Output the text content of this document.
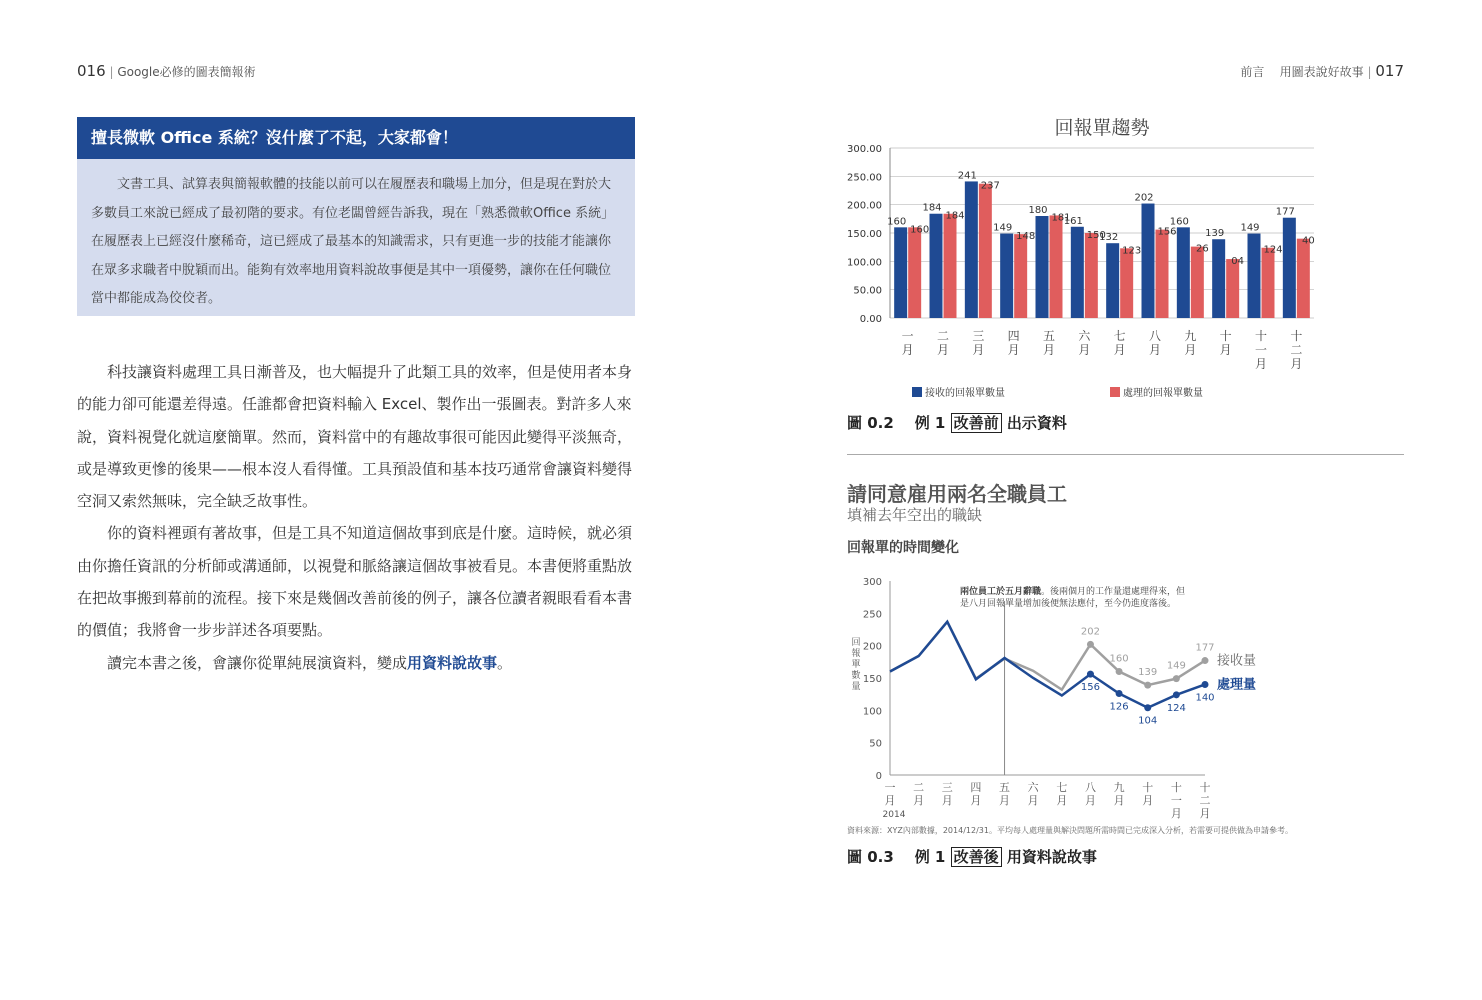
016 | Google必修的圖表簡報術	前言 用圖表說好故事 | 017
擅長微軟 Office 系統？沒什麼了不起，大家都會！

文書工具、試算表與簡報軟體的技能以前可以在履歷表和職場上加分，但是現在對於大多數員工來說已經成了最初階的要求。有位老闆曾經告訴我，現在「熟悉微軟Office 系統」在履歷表上已經沒什麼稀奇，這已經成了最基本的知識需求，只有更進一步的技能才能讓你在眾多求職者中脫穎而出。能夠有效率地用資料說故事便是其中一項優勢，讓你在任何職位當中都能成為佼佼者。

科技讓資料處理工具日漸普及，也大幅提升了此類工具的效率，但是使用者本身的能力卻可能還差得遠。任誰都會把資料輸入 Excel、製作出一張圖表。對許多人來說，資料視覺化就這麼簡單。然而，資料當中的有趣故事很可能因此變得平淡無奇，或是導致更慘的後果——根本沒人看得懂。工具預設值和基本技巧通常會讓資料變得空洞又索然無味，完全缺乏故事性。

你的資料裡頭有著故事，但是工具不知道這個故事到底是什麼。這時候，就必須由你擔任資訊的分析師或溝通師，以視覺和脈絡讓這個故事被看見。本書便將重點放在把故事搬到幕前的流程。接下來是幾個改善前後的例子，讓各位讀者親眼看看本書的價值；我將會一步步詳述各項要點。

讀完本書之後，會讓你從單純展演資料，變成用資料說故事。

回報單趨勢
0.00
50.00
100.00
150.00
200.00
250.00
300.00
160
160
一月
184
184
二月
241
237
三月
149
148
四月
180
181
五月
161
150
六月
132
123
七月
202
156
八月
160
26
九月
139
04
十月
149
124
十一月
177
40
十二月
接收的回報單數量	處理的回報單數量
圖 0.2 例 1 改善前 出示資料
請同意雇用兩名全職員工
填補去年空出的職缺
回報單的時間變化
0
50
100
150
200
250
300
回報單數量
兩位員工於五月辭職。後兩個月的工作量還處理得來，但
是八月回報單量增加後便無法應付，至今仍進度落後。
202
160
139
149
177
接收量
156
126
104
124
140
處理量
一月
二月
三月
四月
五月
六月
七月
八月
九月
十月
十一月
十二月
2014
資料來源：XYZ內部數據，2014/12/31。平均每人處理量與解決問題所需時間已完成深入分析，若需要可提供做為申請參考。
圖 0.3 例 1 改善後 用資料說故事
